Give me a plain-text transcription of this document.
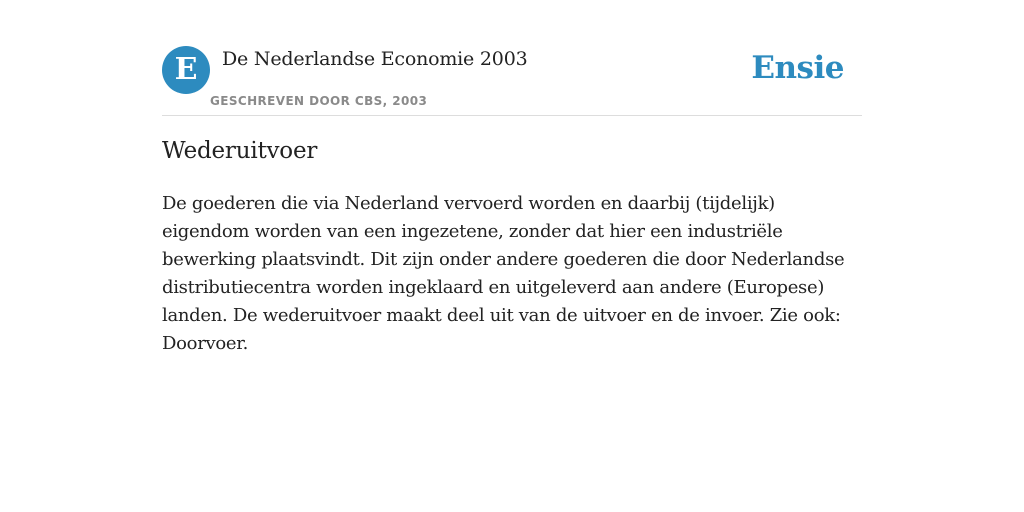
E De Nederlandse Economie 2003
GESCHREVEN DOOR CBS, 2003
Ensie
Wederuitvoer

De goederen die via Nederland vervoerd worden en daarbij (tijdelijk) eigendom worden van een ingezetene, zonder dat hier een industriële bewerking plaatsvindt. Dit zijn onder andere goederen die door Nederlandse distributiecentra worden ingeklaard en uitgeleverd aan andere (Europese) landen. De wederuitvoer maakt deel uit van de uitvoer en de invoer. Zie ook: Doorvoer.
